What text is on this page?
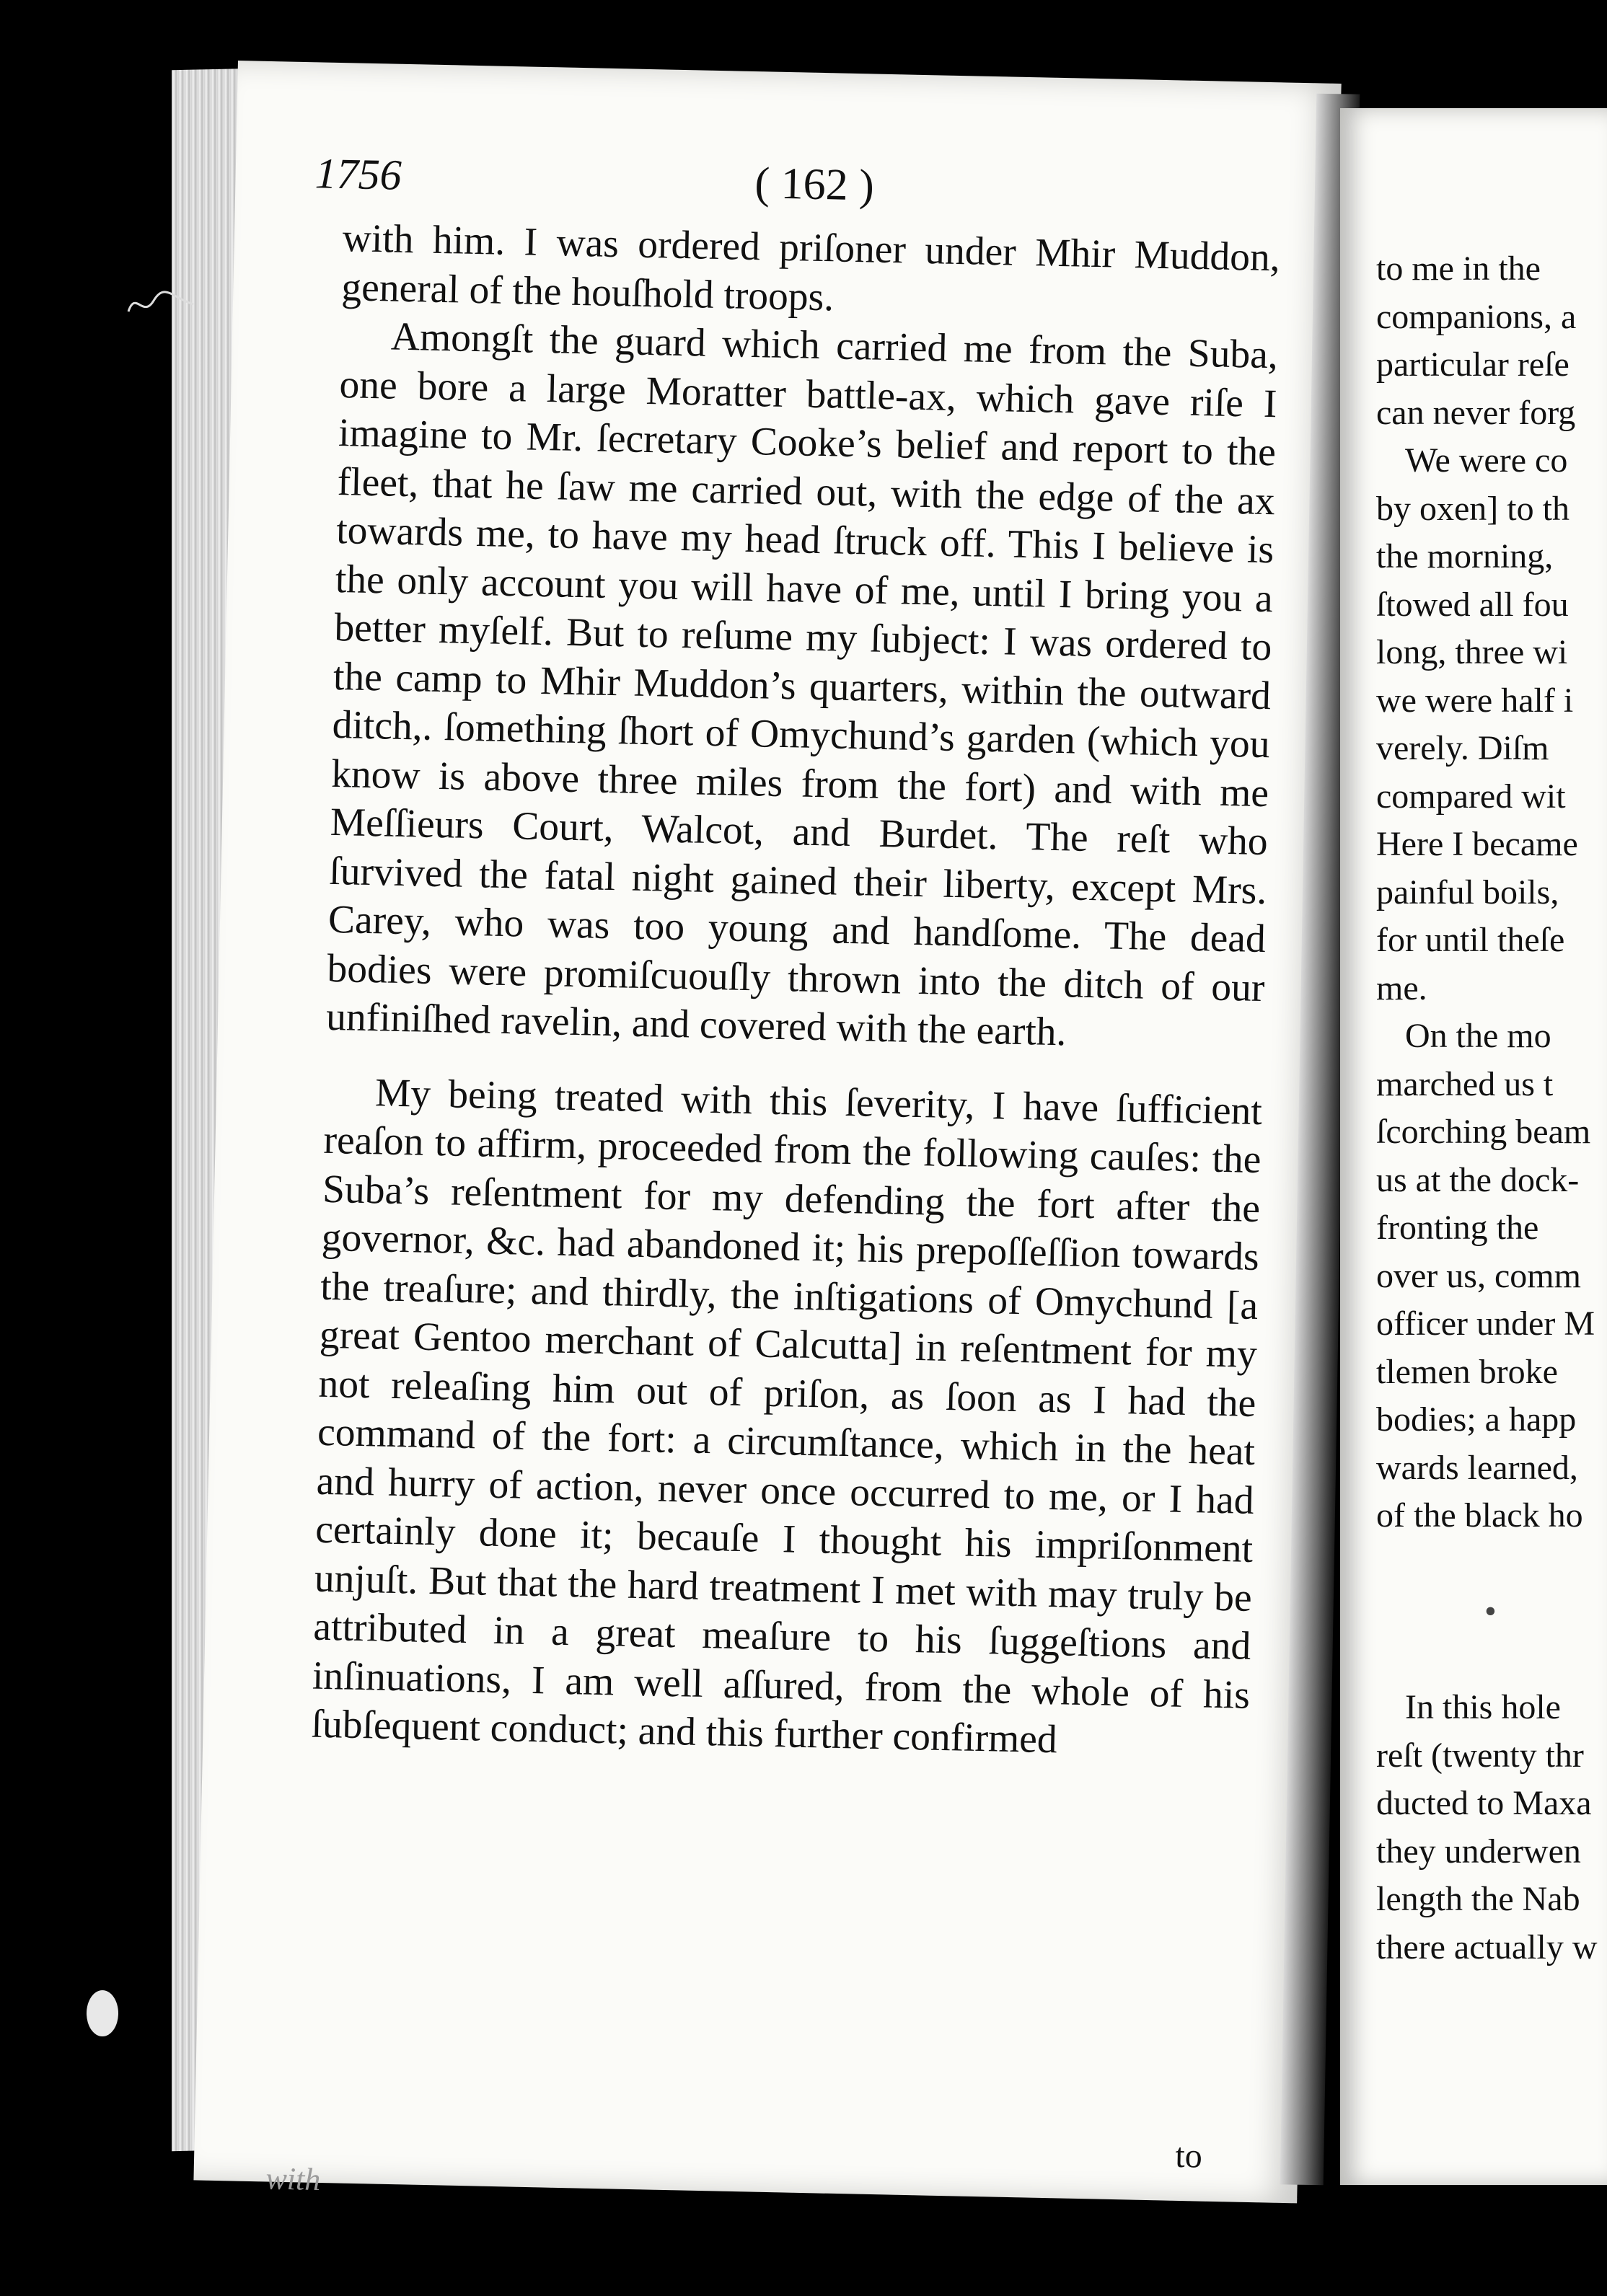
1756	( 162 )

with him. I was ordered priſoner under Mhir Muddon, general of the houſhold troops.

Amongſt the guard which carried me from the Suba, one bore a large Moratter battle-ax, which gave riſe I imagine to Mr. ſecretary Cooke’s belief and report to the fleet, that he ſaw me carried out, with the edge of the ax towards me, to have my head ſtruck off. This I believe is the only account you will have of me, until I bring you a better myſelf. But to reſume my ſubject: I was ordered to the camp to Mhir Muddon’s quarters, within the outward ditch,. ſomething ſhort of Omychund’s garden (which you know is above three miles from the fort) and with me Meſſieurs Court, Walcot, and Burdet. The reſt who ſurvived the fatal night gained their liberty, except Mrs. Carey, who was too young and handſome. The dead bodies were promiſcuouſly thrown into the ditch of our unfiniſhed ravelin, and covered with the earth.

My being treated with this ſeverity, I have ſufficient reaſon to affirm, proceeded from the following cauſes: the Suba’s reſentment for my defending the fort after the governor, &c. had abandoned it; his prepoſſeſſion towards the treaſure; and thirdly, the inſtigations of Omychund [a great Gentoo merchant of Calcutta] in reſentment for my not releaſing him out of priſon, as ſoon as I had the command of the fort: a circumſtance, which in the heat and hurry of action, never once occurred to me, or I had certainly done it; becauſe I thought his impriſonment unjuſt. But that the hard treatment I met with may truly be attributed in a great meaſure to his ſuggeſtions and inſinuations, I am well aſſured, from the whole of his ſubſequent conduct; and this further confirmed

to
with
to me in the
companions, a
particular reſe
can never forg
We were co
by oxen] to th
the morning,
ſtowed all fou
long, three wi
we were half i
verely. Diſm
compared wit
Here I became
painful boils,
for until theſe
me.
On the mo
marched us t
ſcorching beam
us at the dock-
fronting the
over us, comm
officer under M
tlemen broke
bodies; a happ
wards learned,
of the black ho
•
In this hole
reſt (twenty thr
ducted to Maxa
they underwen
length the Nab
there actually w
